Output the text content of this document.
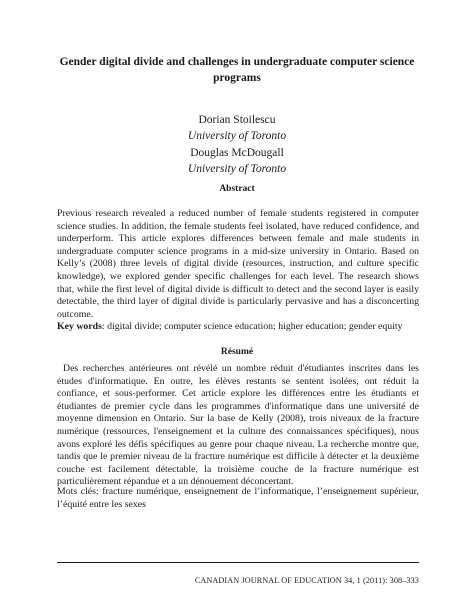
Gender digital divide and challenges in undergraduate computer science programs
Dorian Stoilescu
University of Toronto
Douglas McDougall
University of Toronto
Abstract

Previous research revealed a reduced number of female students registered in computer science studies. In addition, the female students feel isolated, have reduced confidence, and underperform. This article explores differences between female and male students in undergraduate computer science programs in a mid-size university in Ontario. Based on Kelly’s (2008) three levels of digital divide (resources, instruction, and culture specific knowledge), we explored gender specific challenges for each level. The research shows that, while the first level of digital divide is difficult to detect and the second layer is easily detectable, the third layer of digital divide is particularly pervasive and has a disconcerting outcome.

Key words: digital divide; computer science education; higher education; gender equity

Résumé

Des recherches antérieures ont révélé un nombre réduit d'étudiantes inscrites dans les études d'informatique. En outre, les élèves restants se sentent isolées, ont réduit la confiance, et sous-performer. Cet article explore les différences entre les étudiants et étudiantes de premier cycle dans les programmes d'informatique dans une université de moyenne dimension en Ontario. Sur la base de Kelly (2008), trois niveaux de la fracture numérique (ressources, l'enseignement et la culture des connaissances spécifiques), nous avons exploré les défis spécifiques au genre pour chaque niveau. La recherche montre que, tandis que le premier niveau de la fracture numérique est difficile à détecter et la deuxième couche est facilement détectable, la troisième couche de la fracture numérique est particulièrement répandue et a un dénouement déconcertant.

Mots clés: fracture numérique, enseignement de l’informatique, l’enseignement supérieur, l’équité entre les sexes

CANADIAN JOURNAL OF EDUCATION 34, 1 (2011): 308–333
